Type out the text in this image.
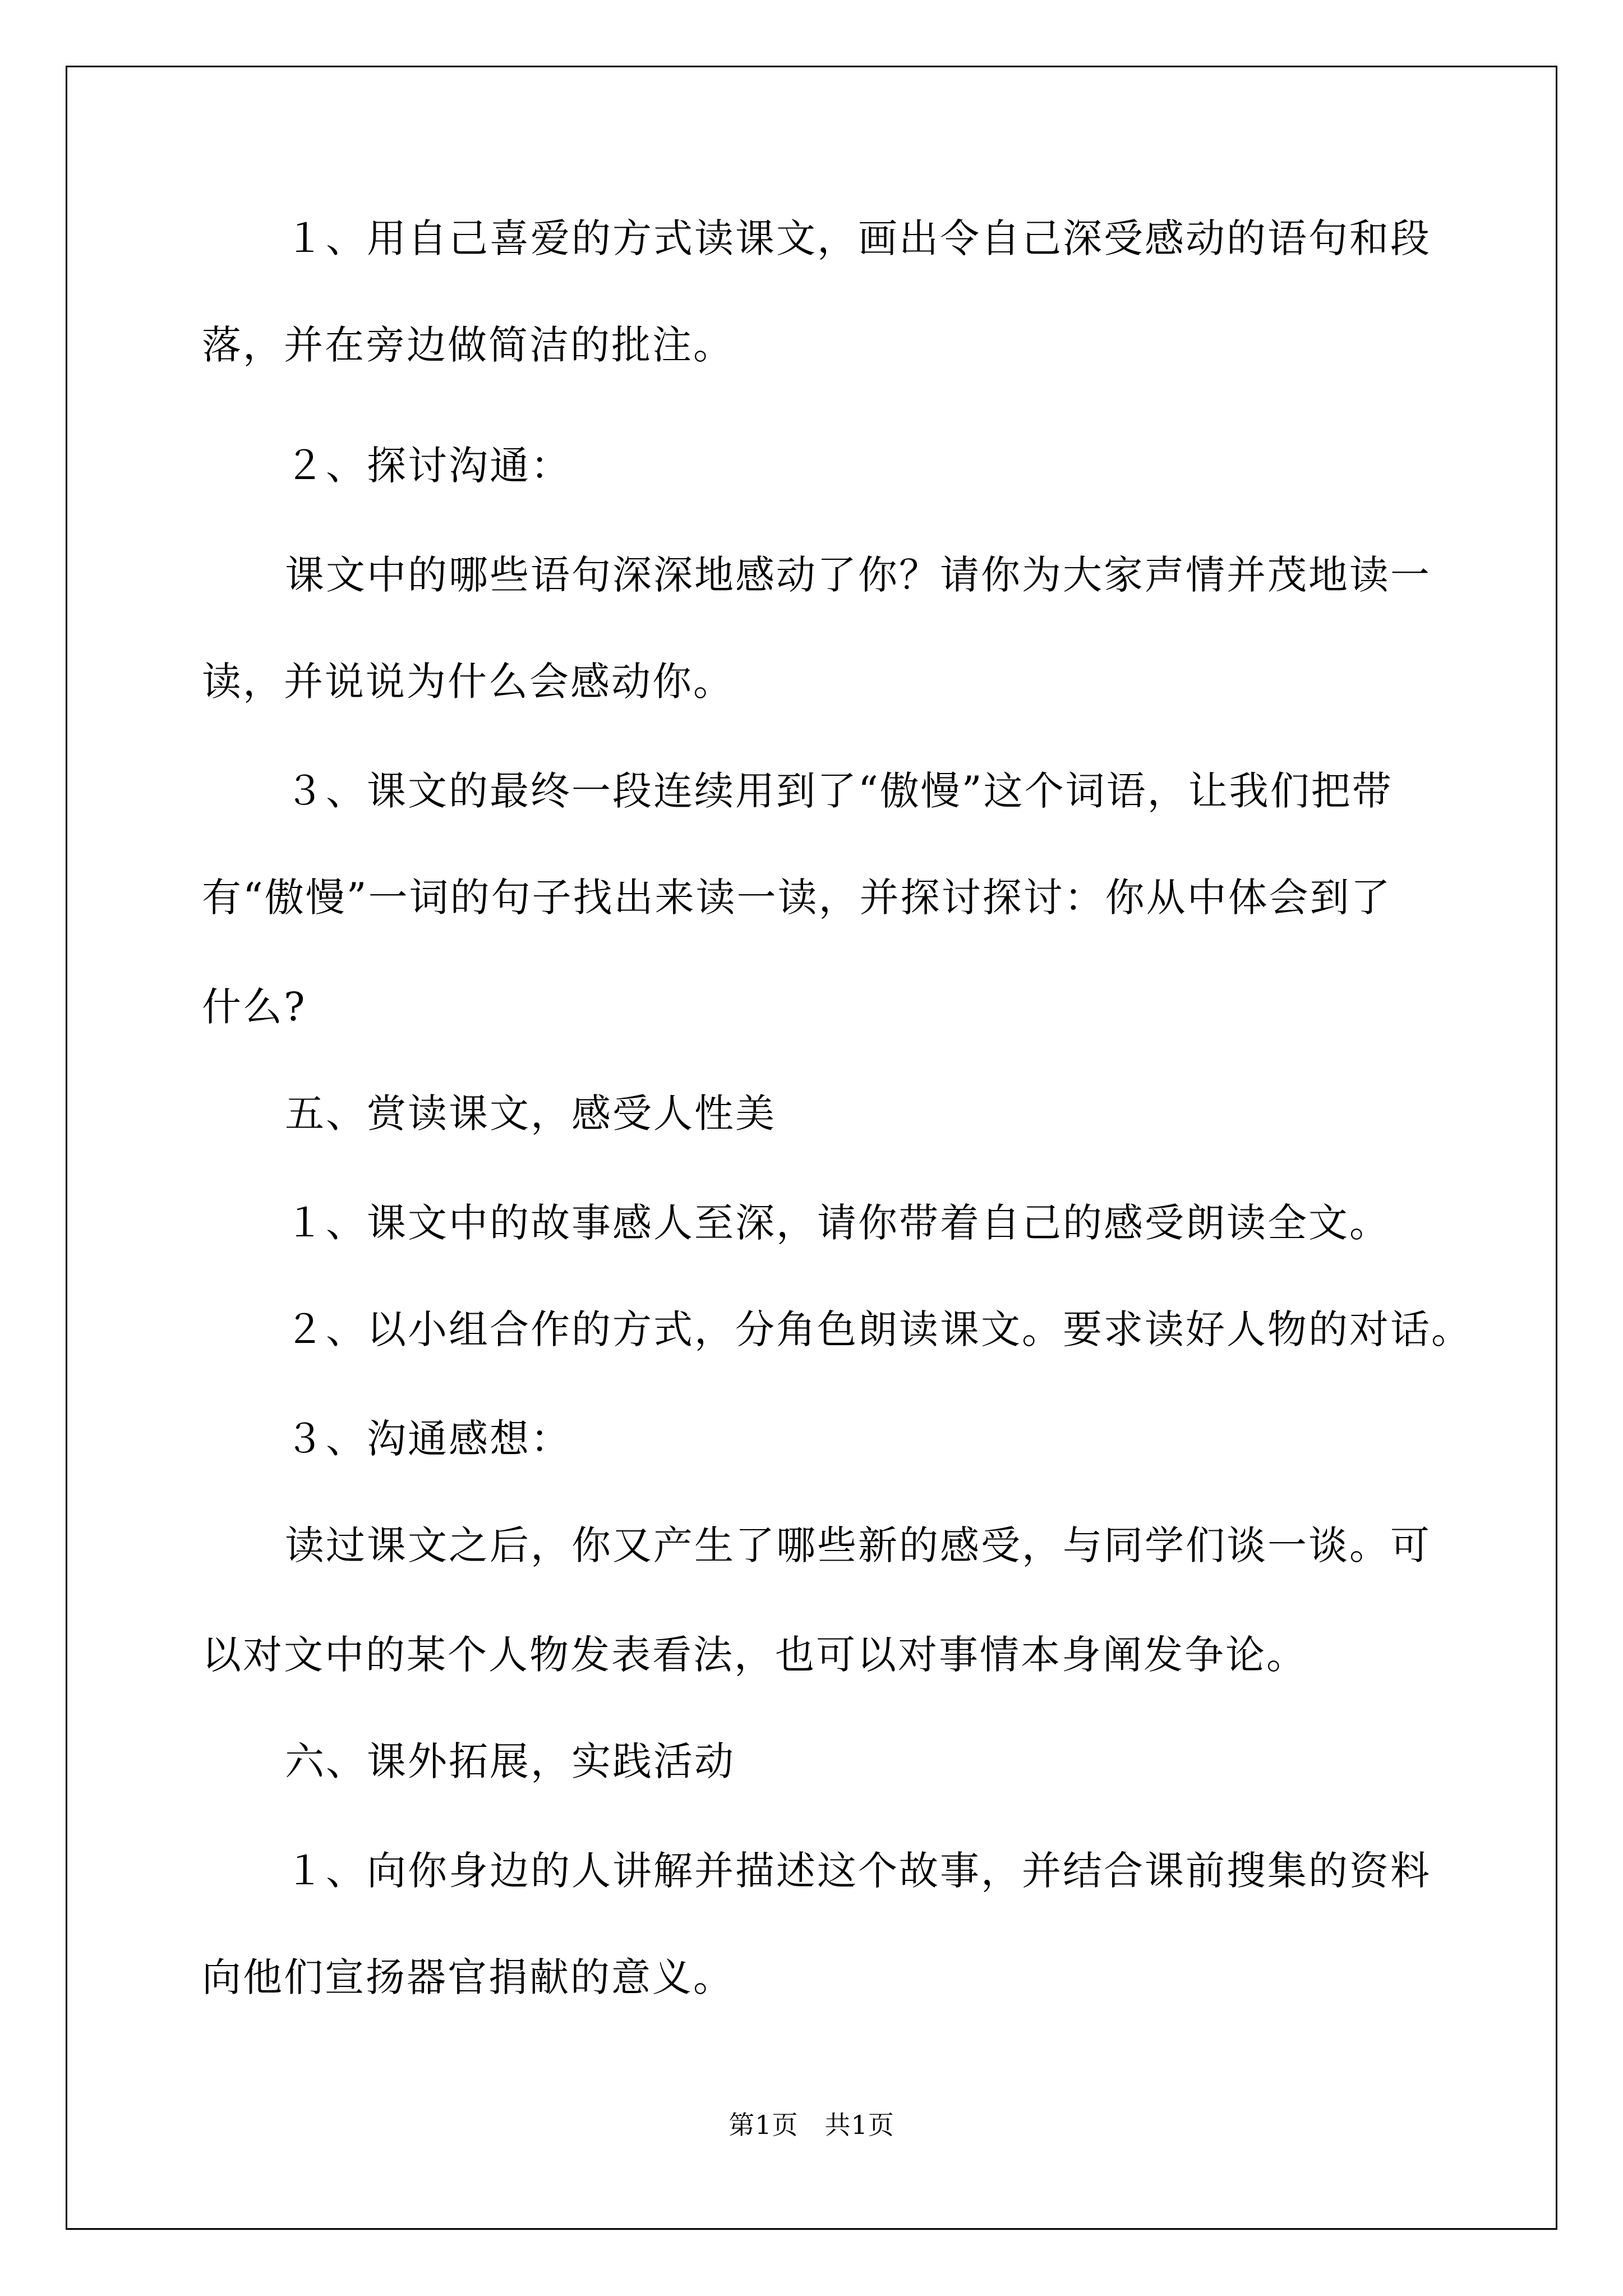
１、用自己喜爱的方式读课文，画出令自己深受感动的语句和段
落，并在旁边做简洁的批注。
２、探讨沟通：
课文中的哪些语句深深地感动了你？请你为大家声情并茂地读一
读，并说说为什么会感动你。
３、课文的最终一段连续用到了“傲慢”这个词语，让我们把带
有“傲慢”一词的句子找出来读一读，并探讨探讨：你从中体会到了
什么?
五、赏读课文，感受人性美
１、课文中的故事感人至深，请你带着自己的感受朗读全文。
２、以小组合作的方式，分角色朗读课文。要求读好人物的对话。
３、沟通感想：
读过课文之后，你又产生了哪些新的感受，与同学们谈一谈。可
以对文中的某个人物发表看法，也可以对事情本身阐发争论。
六、课外拓展，实践活动
１、向你身边的人讲解并描述这个故事，并结合课前搜集的资料
向他们宣扬器官捐献的意义。
第1页　共1页
